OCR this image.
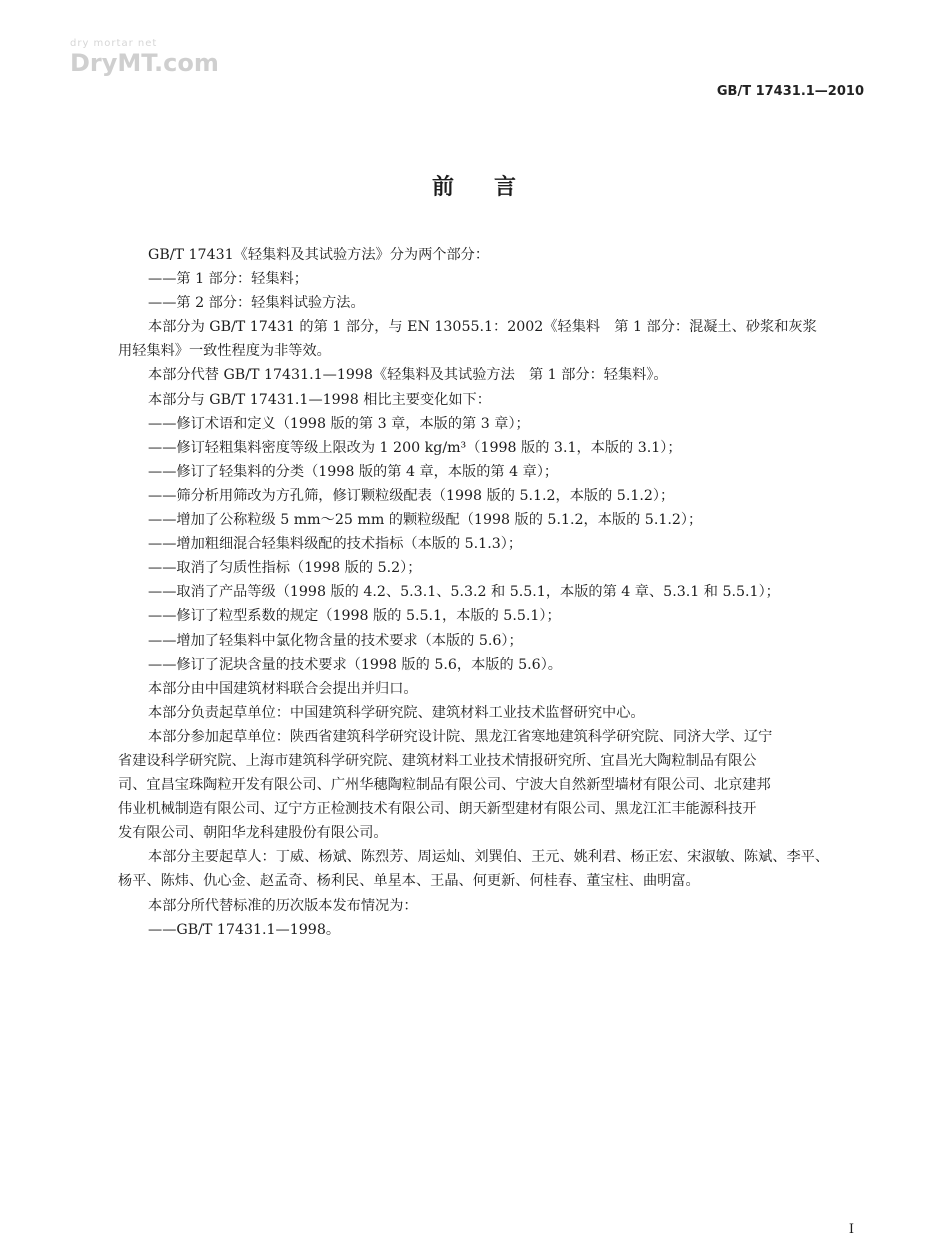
dry mortar net
DryMT.com
GB/T 17431.1—2010
前 言

GB/T 17431《轻集料及其试验方法》分为两个部分：

——第 1 部分：轻集料；

——第 2 部分：轻集料试验方法。

本部分为 GB/T 17431 的第 1 部分，与 EN 13055.1：2002《轻集料　第 1 部分：混凝土、砂浆和灰浆

用轻集料》一致性程度为非等效。

本部分代替 GB/T 17431.1—1998《轻集料及其试验方法　第 1 部分：轻集料》。

本部分与 GB/T 17431.1—1998 相比主要变化如下：

——修订术语和定义（1998 版的第 3 章，本版的第 3 章）；

——修订轻粗集料密度等级上限改为 1 200 kg/m³（1998 版的 3.1，本版的 3.1）；

——修订了轻集料的分类（1998 版的第 4 章，本版的第 4 章）；

——筛分析用筛改为方孔筛，修订颗粒级配表（1998 版的 5.1.2，本版的 5.1.2）；

——增加了公称粒级 5 mm～25 mm 的颗粒级配（1998 版的 5.1.2，本版的 5.1.2）；

——增加粗细混合轻集料级配的技术指标（本版的 5.1.3）；

——取消了匀质性指标（1998 版的 5.2）；

——取消了产品等级（1998 版的 4.2、5.3.1、5.3.2 和 5.5.1，本版的第 4 章、5.3.1 和 5.5.1）；

——修订了粒型系数的规定（1998 版的 5.5.1，本版的 5.5.1）；

——增加了轻集料中氯化物含量的技术要求（本版的 5.6）；

——修订了泥块含量的技术要求（1998 版的 5.6，本版的 5.6）。

本部分由中国建筑材料联合会提出并归口。

本部分负责起草单位：中国建筑科学研究院、建筑材料工业技术监督研究中心。

本部分参加起草单位：陕西省建筑科学研究设计院、黑龙江省寒地建筑科学研究院、同济大学、辽宁

省建设科学研究院、上海市建筑科学研究院、建筑材料工业技术情报研究所、宜昌光大陶粒制品有限公

司、宜昌宝珠陶粒开发有限公司、广州华穗陶粒制品有限公司、宁波大自然新型墙材有限公司、北京建邦

伟业机械制造有限公司、辽宁方正检测技术有限公司、朗天新型建材有限公司、黑龙江汇丰能源科技开

发有限公司、朝阳华龙科建股份有限公司。

本部分主要起草人：丁威、杨斌、陈烈芳、周运灿、刘巽伯、王元、姚利君、杨正宏、宋淑敏、陈斌、李平、

杨平、陈炜、仇心金、赵孟奇、杨利民、单星本、王晶、何更新、何桂春、董宝柱、曲明富。

本部分所代替标准的历次版本发布情况为：

——GB/T 17431.1—1998。

I
